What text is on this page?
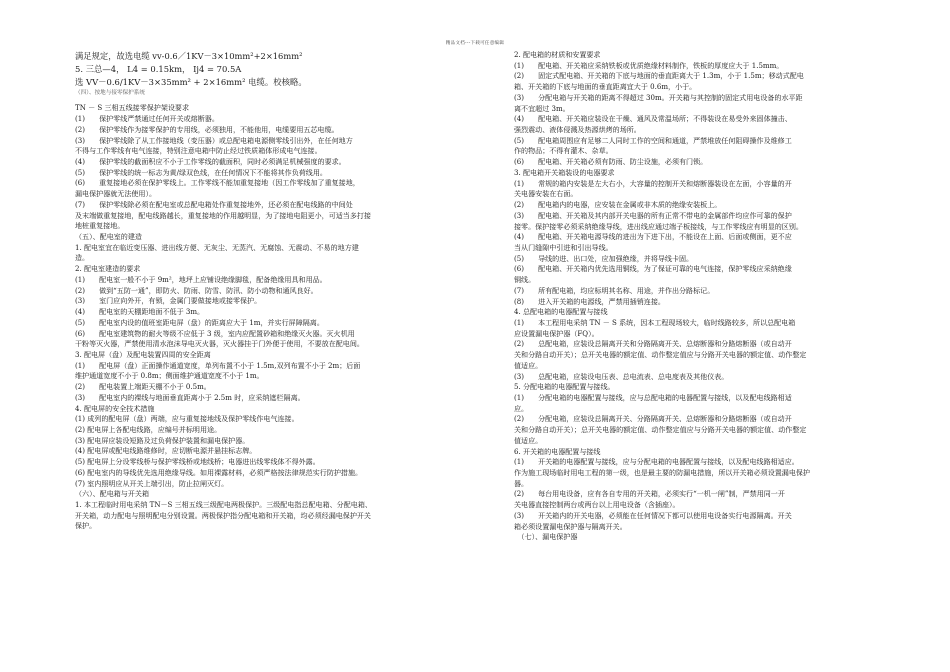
精品文档---下载可任意编辑
满足规定，故选电缆 vv-0.6／1KV－3×10mm²+2×16mm²
5. 三总—4， L4 = 0.15km， Ij4 = 70.5A
选 VV－0.6/1KV－3×35mm² + 2×16mm² 电缆。校核略。
（四）、按地与接零保护系统
TN － S 三相五线接零保护架设要求
(1)　　保护零线严禁通过任何开关或熔断器。
(2)　　保护零线作为接零保护的专用线，必须独用，不能他用，电缆要用五芯电缆。
(3)　　保护零线除了从工作接地线（变压器）或总配电箱电源侧零线引出外，在任何地方
不得与工作零线有电气连接，特别注意电箱中防止经过铁质箱体形成电气连接。
(4)　　保护零线的截面积应不小于工作零线的截面积，同时必须满足机械强度的要求。
(5)　　保护零线的统一标志为黄/绿双色线，在任何情况下不能将其作负荷线用。
(6)　　重复接地必须在保护零线上。工作零线不能加重复接地（因工作零线加了重复接地，
漏电保护器就无法使用）。
(7)　　保护零线除必须在配电室或总配电箱处作重复接地外，还必须在配电线路的中间处
及末端做重复接地，配电线路越长，重复接地的作用越明显，为了接地电阻更小，可适当多打接
地桩重复接地。
（五）、配电室的建造
1. 配电室宜在临近变压器、进出线方便、无灰尘、无蒸汽、无腐蚀、无震动、不易的地方建
造。
2. 配电室建造的要求
(1)　　配电室一般不小于 9m²，地坪上应铺设绝缘脚毯，配备绝缘用具和用品。
(2)　　做到“五防一通”，即防火、防雨、防雪、防汛、防小动物和通风良好。
(3)　　室门应向外开，有锁，金属门要做接地或接零保护。
(4)　　配电室的天棚距地面不低于 3m。
(5)　　配电室内设的值班室距电屏（盘）的距离应大于 1m，并实行屏障隔离。
(6)　　配电室建筑物的耐火等级不应低于 3 级，室内应配置砂箱和绝缘灭火器。灭火机用
干粉等灭火器，严禁使用清水泡沫导电灭火器，灭火器挂于门外便于使用，不要放在配电间。
3. 配电屏（盘）及配电装置四周的安全距离
(1)　　配电屏（盘）正面操作通道宽度，单列布置不小于 1.5m,双列布置不小于 2m；后面
维护通道宽度不小于 0.8m；侧面维护通道宽度不小于 1m。
(2)　　配电装置上端距天棚不小于 0.5m。
(3)　　配电室内的裸线与地面垂直距离小于 2.5m 时，应采纳遮栏隔离。
4. 配电屏的安全技术措施
(1) 成列的配电屏（盘）两端，应与重复接地线及保护零线作电气连接。
(2) 配电屏上各配电线路，应编号并标明用途。
(3) 配电屏应装设短路及过负荷保护装置和漏电保护器。
(4) 配电屏或配电线路维修时，应切断电源并悬挂标志牌。
(5) 配电屏上分设零线桥与保护零线桥或地线桥；电器进出线零线体不得外露。
(6) 配电室内的导线优先选用绝缘导线。如用裸露材料，必须严格按法律规范实行防护措施。
(7) 室内照明应从开关上端引出，防止拉闸灭灯。
（六）、配电箱与开关箱
1. 本工程临时用电采纳 TN－S 三相五线三级配电两极保护。三级配电指总配电箱、分配电箱、
开关箱，动力配电与照明配电分别设置。两极保护指分配电箱和开关箱，均必须经漏电保护开关
保护。
2. 配电箱的材质和安置要求
(1)　　配电箱、开关箱应采纳铁板或优质绝缘材料制作，铁板的厚度应大于 1.5mm。
(2)　　固定式配电箱、开关箱的下底与地面的垂直距离大于 1.3m，小于 1.5m；移动式配电
箱、开关箱的下底与地面的垂直距离宜大于 0.6m，小于。
(3)　　分配电箱与开关箱的距离不得超过 30m。开关箱与其控制的固定式用电设备的水平距
离不宜超过 3m。
(4)　　配电箱、开关箱应装设在干燥、通风及常温场所；不得装设在易受外来固体撞击、
强烈震动、液体侵溅及热源烘烤的场所。
(5)　　配电箱周围应有足够二人同时工作的空间和通道，严禁堆放任何阻碍操作及维修工
作的物品；不得有灌木、杂草。
(6)　　配电箱、开关箱必须有防雨、防尘设施，必须有门锁。
3. 配电箱开关箱装设的电器要求
(1)　　常规的箱内安装是左大右小，大容量的控制开关和熔断器装设在左面，小容量的开
关电器安装在右面。
(2)　　配电箱内的电器，应安装在金属或非木质的绝缘安装板上。
(3)　　配电箱、开关箱及其内部开关电器的所有正常不带电的金属部件均应作可靠的保护
接零。保护接零必须采纳绝缘导线，进出线应通过端子板接线，与工作零线应有明显的区别。
(4)　　配电箱、开关箱电源导线的进出为下进下出，不能设在上面、后面或侧面，更不应
当从门缝隙中引进和引出导线。
(5)　　导线的进、出口处，应加强绝缘，并将导线卡固。
(6)　　配电箱、开关箱内优先选用铜线，为了保证可靠的电气连接，保护零线应采纳绝缘
铜线。
(7)　　所有配电箱，均应标明其名称、用途，并作出分路标记。
(8)　　进入开关箱的电源线，严禁用插销连接。
4. 总配电箱的电器配置与接线
(1)　　本工程用电采纳 TN － S 系统，因本工程现场较大，临时线路较多，所以总配电箱
应设置漏电保护器（FQ）。
(2)　　总配电箱，应装设总隔离开关和分路隔离开关、总熔断器和分路熔断器（或自动开
关和分路自动开关）；总开关电器的额定值、动作整定值应与分路开关电器的额定值、动作整定
值适应。
(3)　　总配电箱，应装设电压表、总电流表、总电度表及其他仪表。
5. 分配电箱的电器配置与接线。
(1)　　分配电箱的电器配置与接线，应与总配电箱的电器配置与接线，以及配电线路相适
应。
(2)　　分配电箱，应装设总隔离开关、分路隔离开关、总熔断器和分路熔断器（或自动开
关和分路自动开关）；总开关电器的额定值、动作整定值应与分路开关电器的额定值、动作整定
值适应。
6. 开关箱的电器配置与接线
(1)　　开关箱的电器配置与接线，应与分配电箱的电器配置与接线，以及配电线路相适应。
作为施工现场临时用电工程的第一级，也是最主要的防漏电措施，所以开关箱必须设置漏电保护
器。
(2)　　每台用电设备，应有各自专用的开关箱，必须实行“一机一闸”制，严禁用同一开
关电器直接控制两台或两台以上用电设备（含插座）。
(3)　　开关箱内的开关电器，必须能在任何情况下都可以使用电设备实行电源隔离。开关
箱必须设置漏电保护器与隔离开关。
　（七）、漏电保护器
